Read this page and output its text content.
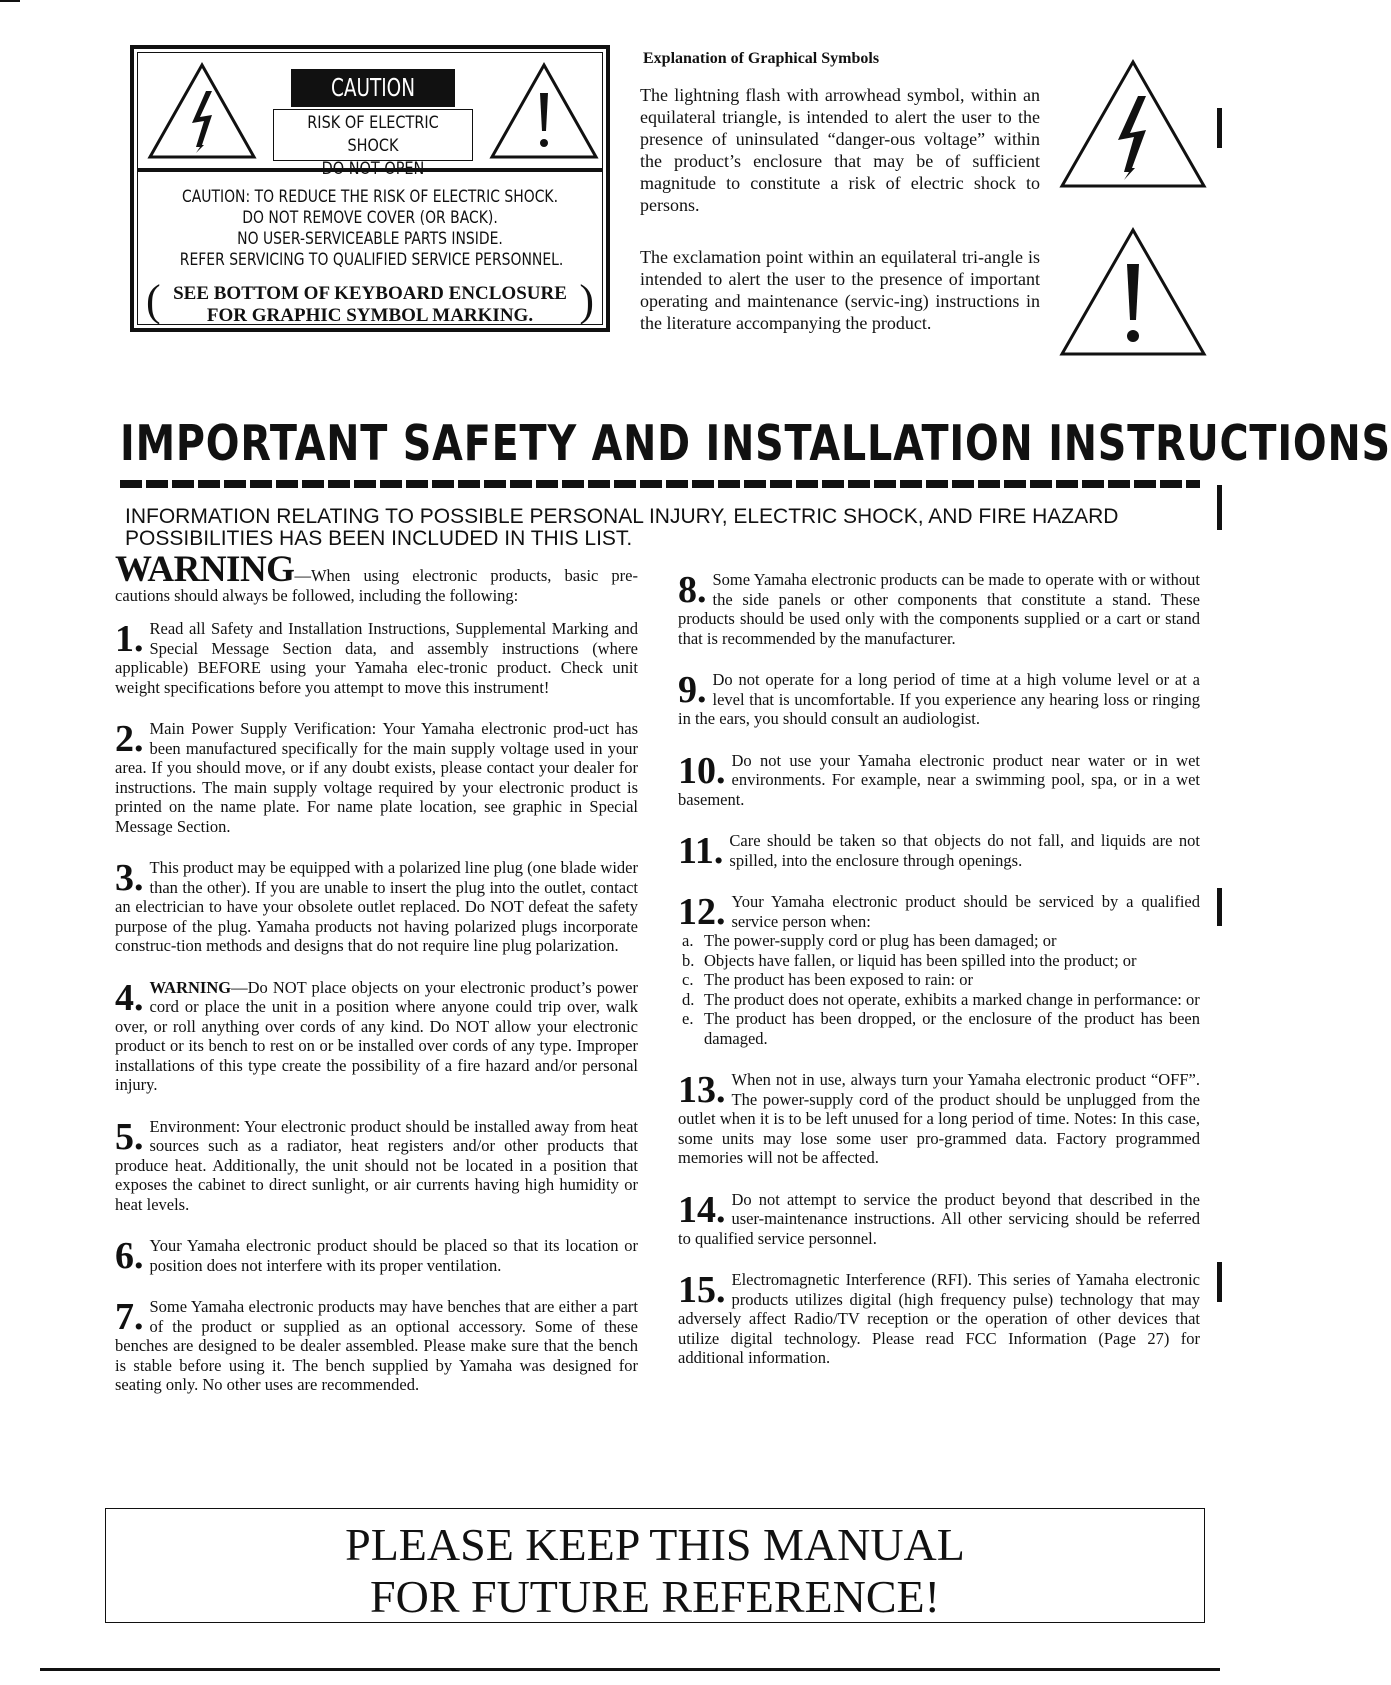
CAUTION
RISK OF ELECTRIC SHOCK
DO NOT OPEN
CAUTION: TO REDUCE THE RISK OF ELECTRIC SHOCK.
DO NOT REMOVE COVER (OR BACK).
NO USER-SERVICEABLE PARTS INSIDE.
REFER SERVICING TO QUALIFIED SERVICE PERSONNEL.
( SEE BOTTOM OF KEYBOARD ENCLOSURE
FOR GRAPHIC SYMBOL MARKING.	)
Explanation of Graphical Symbols
The lightning flash with arrowhead symbol, within an equilateral triangle, is intended to alert the user to the presence of uninsulated “danger-ous voltage” within the product’s enclosure that may be of sufficient magnitude to constitute a risk of electric shock to persons.
The exclamation point within an equilateral tri-angle is intended to alert the user to the presence of important operating and maintenance (servic-ing) instructions in the literature accompanying the product.
IMPORTANT SAFETY AND INSTALLATION INSTRUCTIONS
INFORMATION RELATING TO POSSIBLE PERSONAL INJURY, ELECTRIC SHOCK, AND FIRE HAZARD POSSIBILITIES HAS BEEN INCLUDED IN THIS LIST.
WARNING—When using electronic products, basic pre-cautions should always be followed, including the following:
1. Read all Safety and Installation Instructions, Supplemental Marking and Special Message Section data, and assembly instructions (where applicable) BEFORE using your Yamaha elec-tronic product. Check unit weight specifications before you attempt to move this instrument!

2. Main Power Supply Verification: Your Yamaha electronic prod-uct has been manufactured specifically for the main supply voltage used in your area. If you should move, or if any doubt exists, please contact your dealer for instructions. The main supply voltage required by your electronic product is printed on the name plate. For name plate location, see graphic in Special Message Section.

3. This product may be equipped with a polarized line plug (one blade wider than the other). If you are unable to insert the plug into the outlet, contact an electrician to have your obsolete outlet replaced. Do NOT defeat the safety purpose of the plug. Yamaha products not having polarized plugs incorporate construc-tion methods and designs that do not require line plug polarization.

4. WARNING—Do NOT place objects on your electronic product’s power cord or place the unit in a position where anyone could trip over, walk over, or roll anything over cords of any kind. Do NOT allow your electronic product or its bench to rest on or be installed over cords of any type. Improper installations of this type create the possibility of a fire hazard and/or personal injury.

5. Environment: Your electronic product should be installed away from heat sources such as a radiator, heat registers and/or other products that produce heat. Additionally, the unit should not be located in a position that exposes the cabinet to direct sunlight, or air currents having high humidity or heat levels.

6. Your Yamaha electronic product should be placed so that its location or position does not interfere with its proper ventilation.

7. Some Yamaha electronic products may have benches that are either a part of the product or supplied as an optional accessory. Some of these benches are designed to be dealer assembled. Please make sure that the bench is stable before using it. The bench supplied by Yamaha was designed for seating only. No other uses are recommended.

8. Some Yamaha electronic products can be made to operate with or without the side panels or other components that constitute a stand. These products should be used only with the components supplied or a cart or stand that is recommended by the manufacturer.

9. Do not operate for a long period of time at a high volume level or at a level that is uncomfortable. If you experience any hearing loss or ringing in the ears, you should consult an audiologist.

10. Do not use your Yamaha electronic product near water or in wet environments. For example, near a swimming pool, spa, or in a wet basement.

11. Care should be taken so that objects do not fall, and liquids are not spilled, into the enclosure through openings.

12. Your Yamaha electronic product should be serviced by a qualified service person when:

a. The power-supply cord or plug has been damaged; or
b. Objects have fallen, or liquid has been spilled into the product; or
c. The product has been exposed to rain: or
d. The product does not operate, exhibits a marked change in performance: or
e. The product has been dropped, or the enclosure of the product has been damaged.
13. When not in use, always turn your Yamaha electronic product “OFF”. The power-supply cord of the product should be unplugged from the outlet when it is to be left unused for a long period of time. Notes: In this case, some units may lose some user pro-grammed data. Factory programmed memories will not be affected.

14. Do not attempt to service the product beyond that described in the user-maintenance instructions. All other servicing should be referred to qualified service personnel.

15. Electromagnetic Interference (RFI). This series of Yamaha electronic products utilizes digital (high frequency pulse) technology that may adversely affect Radio/TV reception or the operation of other devices that utilize digital technology. Please read FCC Information (Page 27) for additional information.

PLEASE KEEP THIS MANUAL
FOR FUTURE REFERENCE!
